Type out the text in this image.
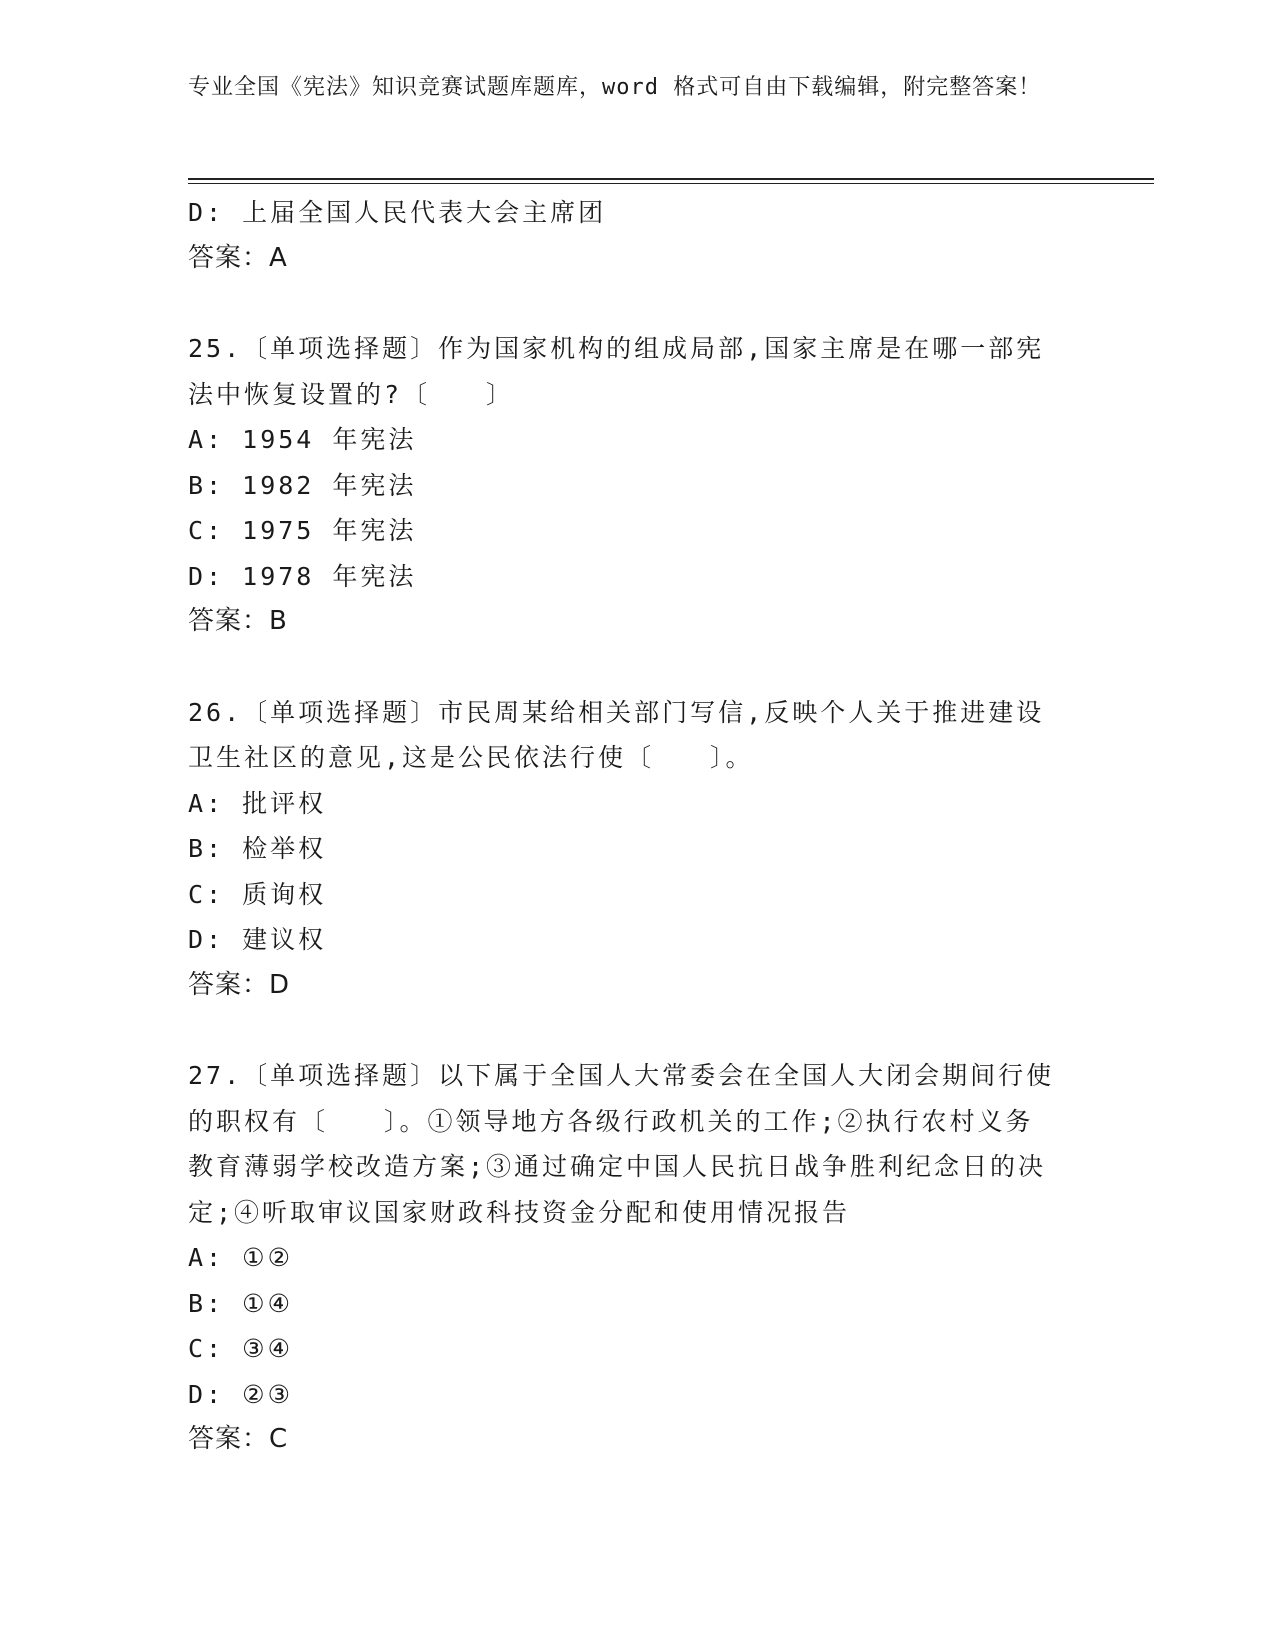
专业全国《宪法》知识竞赛试题库题库，word 格式可自由下载编辑，附完整答案！
D: 上届全国人民代表大会主席团
答案：A
25.〔单项选择题〕作为国家机构的组成局部,国家主席是在哪一部宪
法中恢复设置的?〔　　〕
A: 1954 年宪法
B: 1982 年宪法
C: 1975 年宪法
D: 1978 年宪法
答案：B
26.〔单项选择题〕市民周某给相关部门写信,反映个人关于推进建设
卫生社区的意见,这是公民依法行使〔　　〕。
A: 批评权
B: 检举权
C: 质询权
D: 建议权
答案：D
27.〔单项选择题〕以下属于全国人大常委会在全国人大闭会期间行使
的职权有〔　　〕。①领导地方各级行政机关的工作;②执行农村义务
教育薄弱学校改造方案;③通过确定中国人民抗日战争胜利纪念日的决
定;④听取审议国家财政科技资金分配和使用情况报告
A: ①②
B: ①④
C: ③④
D: ②③
答案：C
